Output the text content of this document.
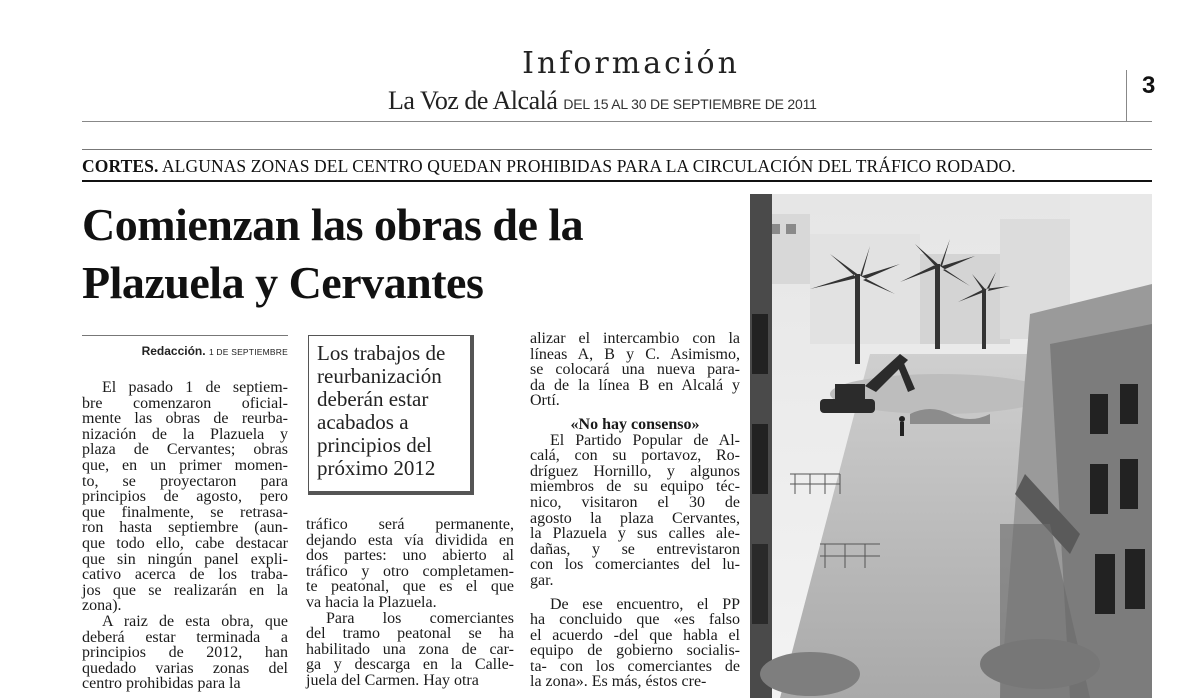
Información
La Voz de Alcalá DEL 15 AL 30 DE SEPTIEMBRE DE 2011
3
CORTES. ALGUNAS ZONAS DEL CENTRO QUEDAN PROHIBIDAS PARA LA CIRCULACIÓN DEL TRÁFICO RODADO.
Comienzan las obras de la
Plazuela y Cervantes
Redacción. 1 DE SEPTIEMBRE

El pasado 1 de septiem-
bre comenzaron oficial-
mente las obras de reurba-
nización de la Plazuela y
plaza de Cervantes; obras
que, en un primer momen-
to, se proyectaron para
principios de agosto, pero
que finalmente, se retrasa-
ron hasta septiembre (aun-
que todo ello, cabe destacar
que sin ningún panel expli-
cativo acerca de los traba-
jos que se realizarán en la
zona).

A raiz de esta obra, que
deberá estar terminada a
principios de 2012, han
quedado varias zonas del
centro prohibidas para la

Los trabajos de
reurbanización
deberán estar
acabados a
principios del
próximo 2012

tráfico será permanente,
dejando esta vía dividida en
dos partes: uno abierto al
tráfico y otro completamen-
te peatonal, que es el que
va hacia la Plazuela.

Para los comerciantes
del tramo peatonal se ha
habilitado una zona de car-
ga y descarga en la Calle-
juela del Carmen. Hay otra

alizar el intercambio con la
líneas A, B y C. Asimismo,
se colocará una nueva para-
da de la línea B en Alcalá y
Ortí.

«No hay consenso»

El Partido Popular de Al-
calá, con su portavoz, Ro-
dríguez Hornillo, y algunos
miembros de su equipo téc-
nico, visitaron el 30 de
agosto la plaza Cervantes,
la Plazuela y sus calles ale-
dañas, y se entrevistaron
con los comerciantes del lu-
gar.

De ese encuentro, el PP
ha concluido que «es falso
el acuerdo -del que habla el
equipo de gobierno socialis-
ta- con los comerciantes de
la zona». Es más, éstos cre-
